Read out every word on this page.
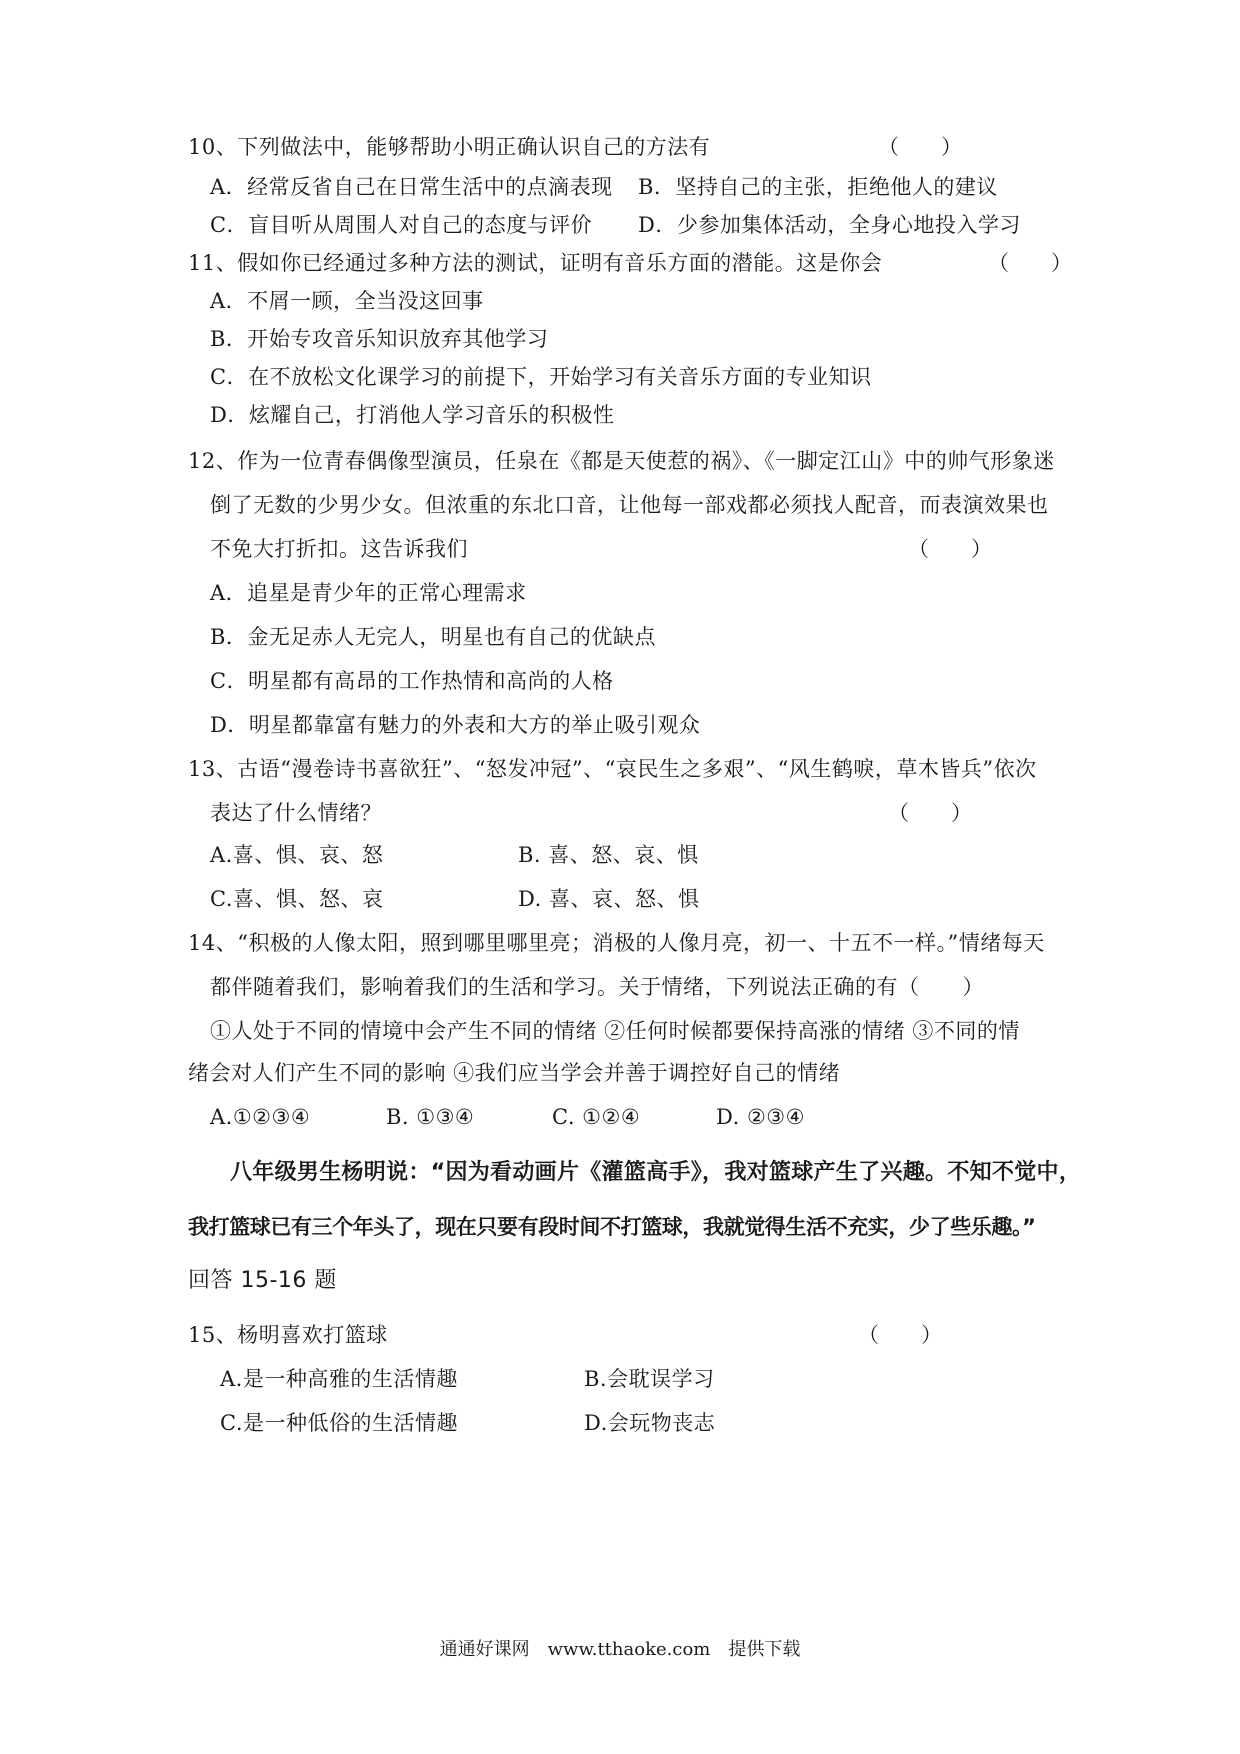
10、下列做法中，能够帮助小明正确认识自己的方法有	（　　）
A．经常反省自己在日常生活中的点滴表现 B．坚持自己的主张，拒绝他人的建议
C．盲目听从周围人对自己的态度与评价 D．少参加集体活动，全身心地投入学习
11、假如你已经通过多种方法的测试，证明有音乐方面的潜能。这是你会	（　　）
A．不屑一顾，全当没这回事
B．开始专攻音乐知识放弃其他学习
C．在不放松文化课学习的前提下，开始学习有关音乐方面的专业知识
D．炫耀自己，打消他人学习音乐的积极性
12、作为一位青春偶像型演员，任泉在《都是天使惹的祸》、《一脚定江山》中的帅气形象迷
倒了无数的少男少女。但浓重的东北口音，让他每一部戏都必须找人配音，而表演效果也
不免大打折扣。这告诉我们	（　　）
A．追星是青少年的正常心理需求
B．金无足赤人无完人，明星也有自己的优缺点
C．明星都有高昂的工作热情和高尚的人格
D．明星都靠富有魅力的外表和大方的举止吸引观众
13、古语“漫卷诗书喜欲狂”、“怒发冲冠”、“哀民生之多艰”、“风生鹤唳，草木皆兵”依次
表达了什么情绪？	（　　）
A.喜、惧、哀、怒	B. 喜、怒、哀、惧
C.喜、惧、怒、哀	D. 喜、哀、怒、惧
14、“积极的人像太阳，照到哪里哪里亮；消极的人像月亮，初一、十五不一样。”情绪每天
都伴随着我们，影响着我们的生活和学习。关于情绪，下列说法正确的有（　　）
①人处于不同的情境中会产生不同的情绪 ②任何时候都要保持高涨的情绪 ③不同的情
绪会对人们产生不同的影响 ④我们应当学会并善于调控好自己的情绪
A.①②③④	B. ①③④	C. ①②④	D. ②③④
八年级男生杨明说：“因为看动画片《灌篮高手》，我对篮球产生了兴趣。不知不觉中，
我打篮球已有三个年头了，现在只要有段时间不打篮球，我就觉得生活不充实，少了些乐趣。”
回答 15-16 题
15、杨明喜欢打篮球	（　　）
A.是一种高雅的生活情趣	B.会耽误学习
C.是一种低俗的生活情趣	D.会玩物丧志
通通好课网　www.tthaoke.com　提供下载
